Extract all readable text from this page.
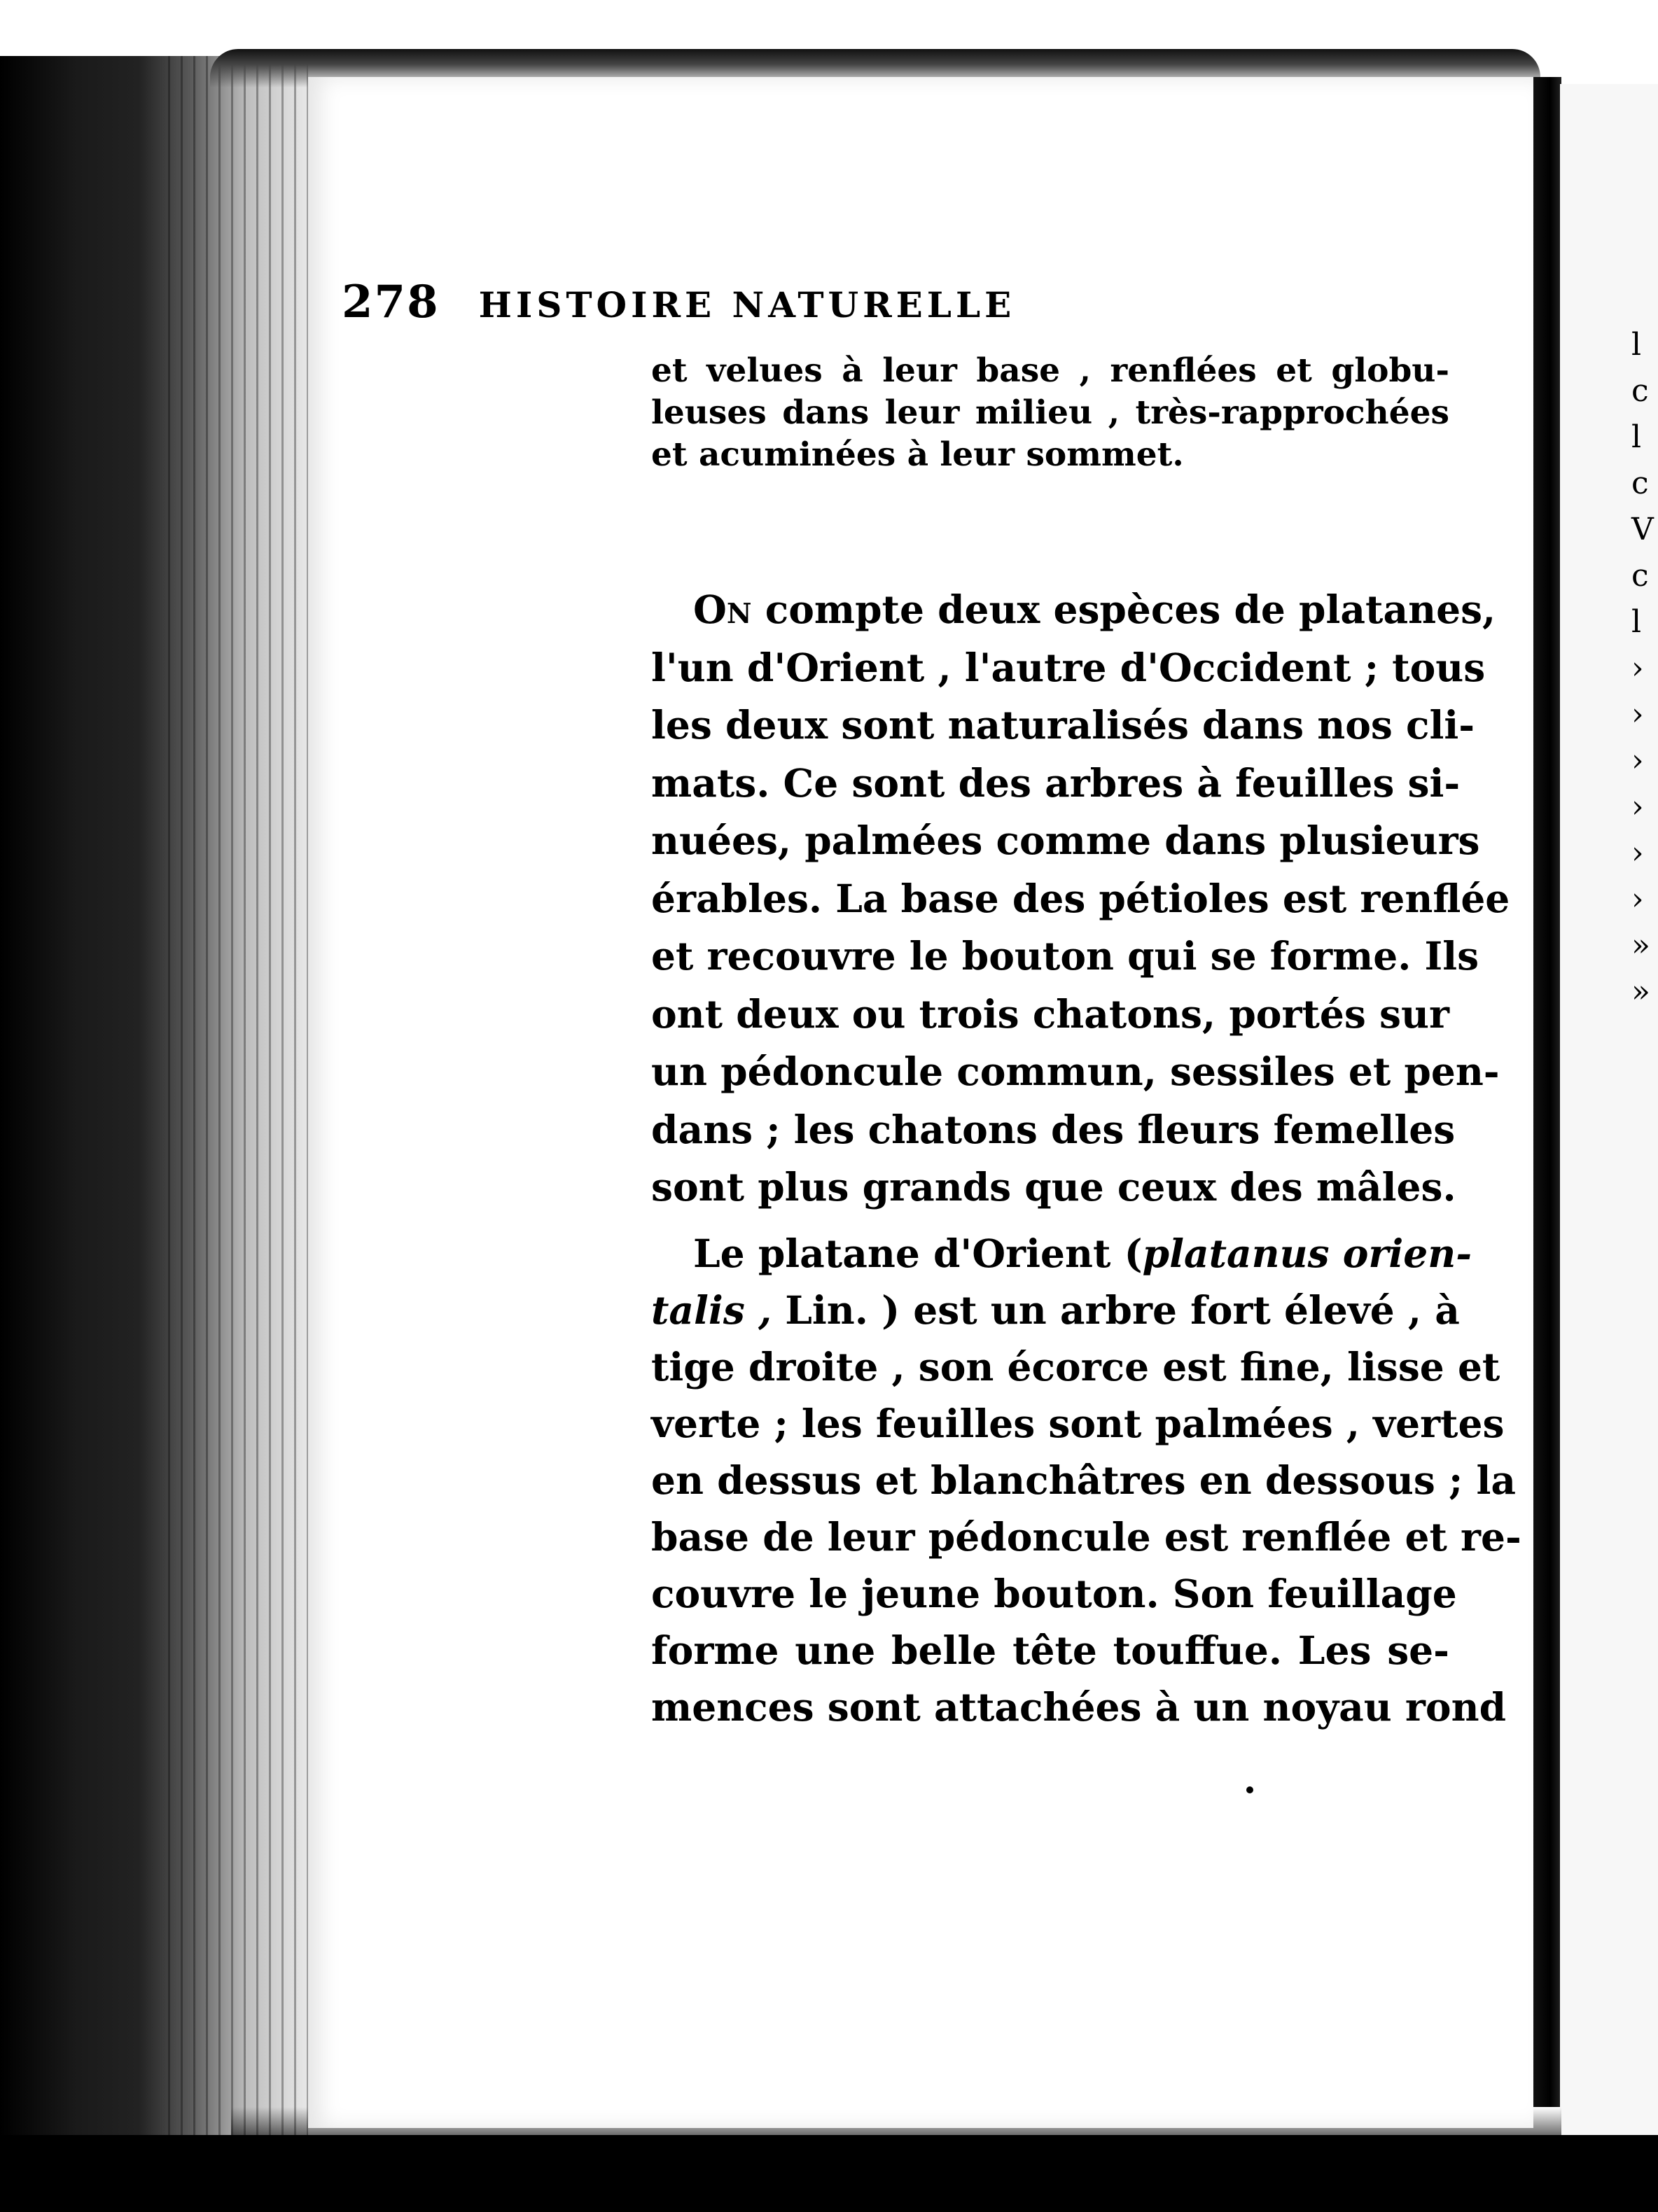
l
c
l
c
V
c
l
›
›
›
›
›
›
»
»
278 HISTOIRE NATURELLE
et velues à leur base , renflées et globu-
leuses dans leur milieu , très-rapprochées
et acuminées à leur sommet.
On compte deux espèces de platanes,
l'un d'Orient , l'autre d'Occident ; tous
les deux sont naturalisés dans nos cli-
mats. Ce sont des arbres à feuilles si-
nuées, palmées comme dans plusieurs
érables. La base des pétioles est renflée
et recouvre le bouton qui se forme. Ils
ont deux ou trois chatons, portés sur
un pédoncule commun, sessiles et pen-
dans ; les chatons des fleurs femelles
sont plus grands que ceux des mâles.
Le platane d'Orient (platanus orien-
talis , Lin. ) est un arbre fort élevé , à
tige droite , son écorce est fine, lisse et
verte ; les feuilles sont palmées , vertes
en dessus et blanchâtres en dessous ; la
base de leur pédoncule est renflée et re-
couvre le jeune bouton. Son feuillage
forme une belle tête touffue. Les se-
mences sont attachées à un noyau rond
